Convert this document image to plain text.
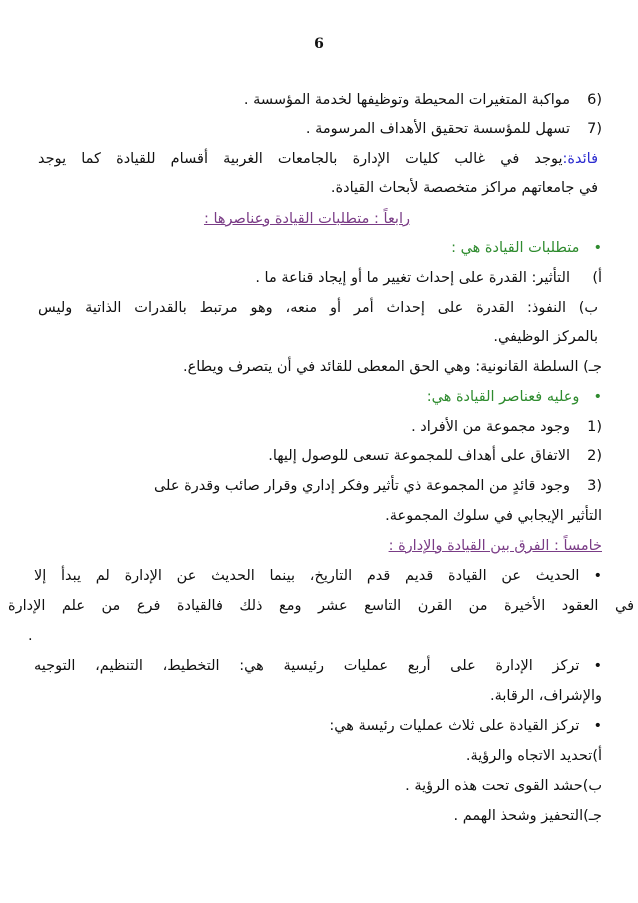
6
(6مواكبة المتغيرات المحيطة وتوظيفها لخدمة المؤسسة .
(7تسهل للمؤسسة تحقيق الأهداف المرسومة .
فائدة:يوجد في غالب كليات الإدارة بالجامعات الغربية أقسام للقيادة كما يوجد
في جامعاتهم مراكز متخصصة لأبحاث القيادة.
رابعاً : متطلبات القيادة وعناصرها :
•متطلبات القيادة هي :
أ)التأثير: القدرة على إحداث تغيير ما أو إيجاد قناعة ما .
ب)النفوذ: القدرة على إحداث أمر أو منعه، وهو مرتبط بالقدرات الذاتية وليس
بالمركز الوظيفي.
جـ) السلطة القانونية: وهي الحق المعطى للقائد في أن يتصرف ويطاع.
•وعليه فعناصر القيادة هي:
(1وجود مجموعة من الأفراد .
(2الاتفاق على أهداف للمجموعة تسعى للوصول إليها.
(3وجود قائدٍ من المجموعة ذي تأثير وفكر إداري وقرار صائب وقدرة على
التأثير الإيجابي في سلوك المجموعة.
خامساً : الفرق بين القيادة والإدارة :
•الحديث عن القيادة قديم قدم التاريخ، بينما الحديث عن الإدارة لم يبدأ إلا
في العقود الأخيرة من القرن التاسع عشر ومع ذلك فالقيادة فرع من علم الإدارة
.
•تركز الإدارة على أربع عمليات رئيسية هي: التخطيط، التنظيم، التوجيه
والإشراف، الرقابة.
•تركز القيادة على ثلاث عمليات رئيسة هي:
أ)تحديد الاتجاه والرؤية.
ب)حشد القوى تحت هذه الرؤية .
جـ)التحفيز وشحذ الهمم .
